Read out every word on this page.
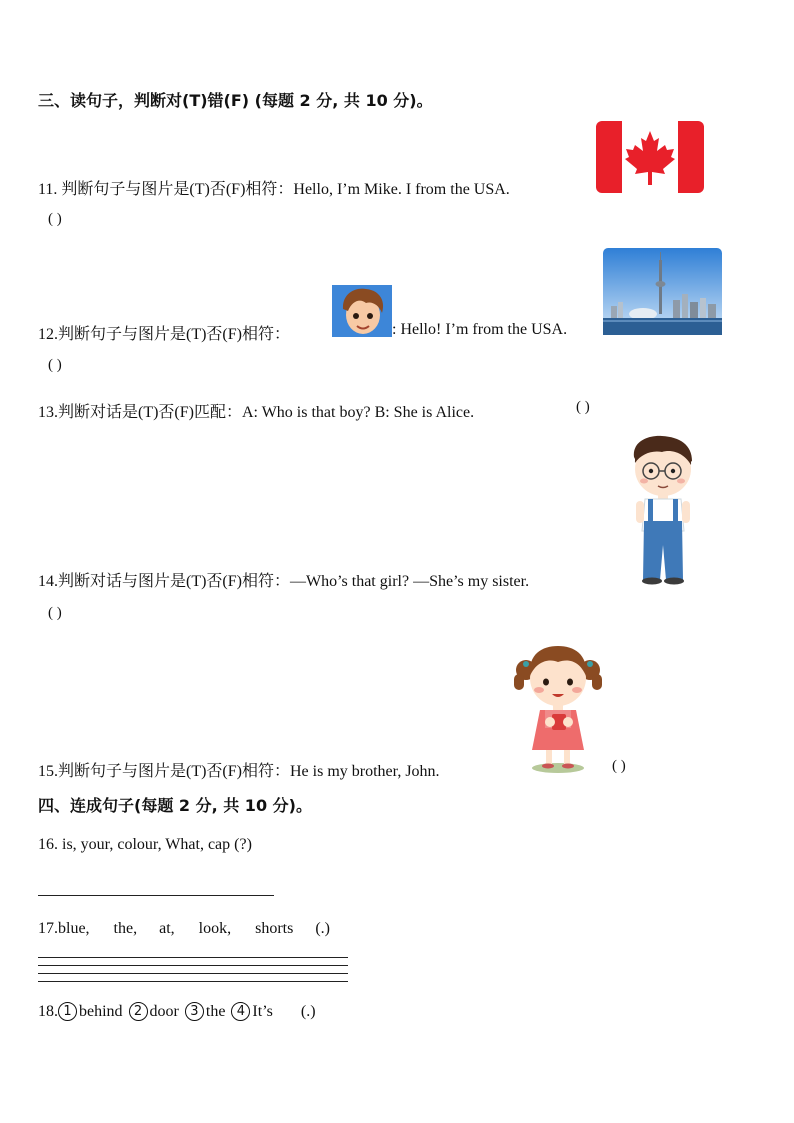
三、读句子，判断对(T)错(F) (每题 2 分, 共 10 分)。
11. 判断句子与图片是(T)否(F)相符：Hello, I’m Mike. I from the USA.
( )
12.判断句子与图片是(T)否(F)相符：	: Hello! I’m from the USA.
( )
13.判断对话是(T)否(F)匹配：A: Who is that boy? B: She is Alice.	( )
14.判断对话与图片是(T)否(F)相符：—Who’s that girl? —She’s my sister.
( )
15.判断句子与图片是(T)否(F)相符：He is my brother, John.	( )
四、连成句子(每题 2 分, 共 10 分)。
16. is, your, colour, What, cap (?)
17.blue, the, at, look, shorts (.)
18. 1 behind 2 door 3 the 4 It’s (.)
